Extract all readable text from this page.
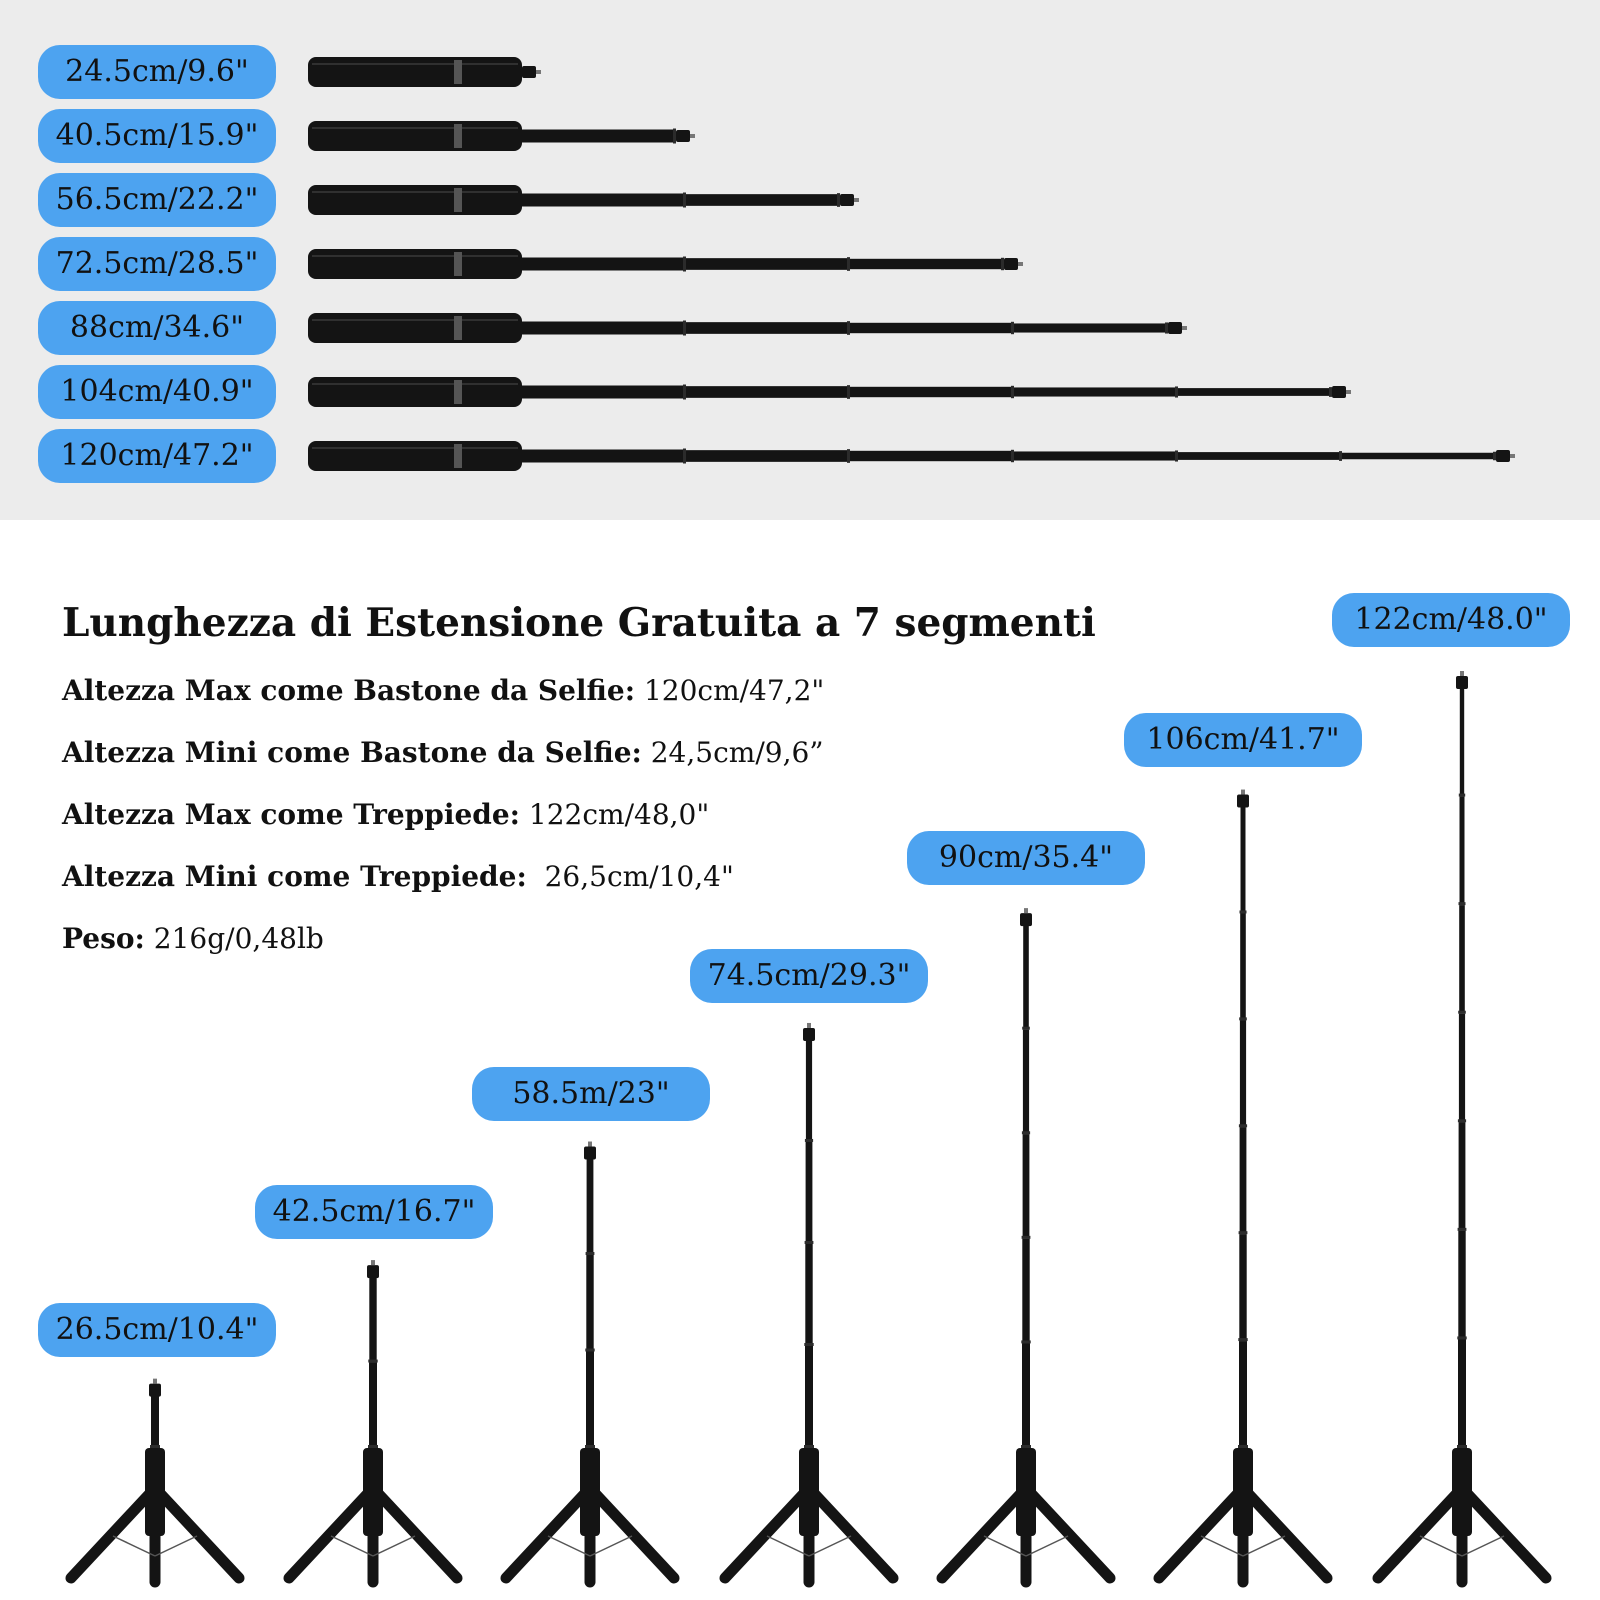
24.5cm/9.6"
40.5cm/15.9"
56.5cm/22.2"
72.5cm/28.5"
88cm/34.6"
104cm/40.9"
120cm/47.2"
Lunghezza di Estensione Gratuita a 7 segmenti
Altezza Max come Bastone da Selfie: 120cm/47,2"
Altezza Mini come Bastone da Selfie: 24,5cm/9,6”
Altezza Max come Treppiede: 122cm/48,0"
Altezza Mini come Treppiede:  26,5cm/10,4"
Peso: 216g/0,48lb
26.5cm/10.4"
42.5cm/16.7"
58.5m/23"
74.5cm/29.3"
90cm/35.4"
106cm/41.7"
122cm/48.0"
